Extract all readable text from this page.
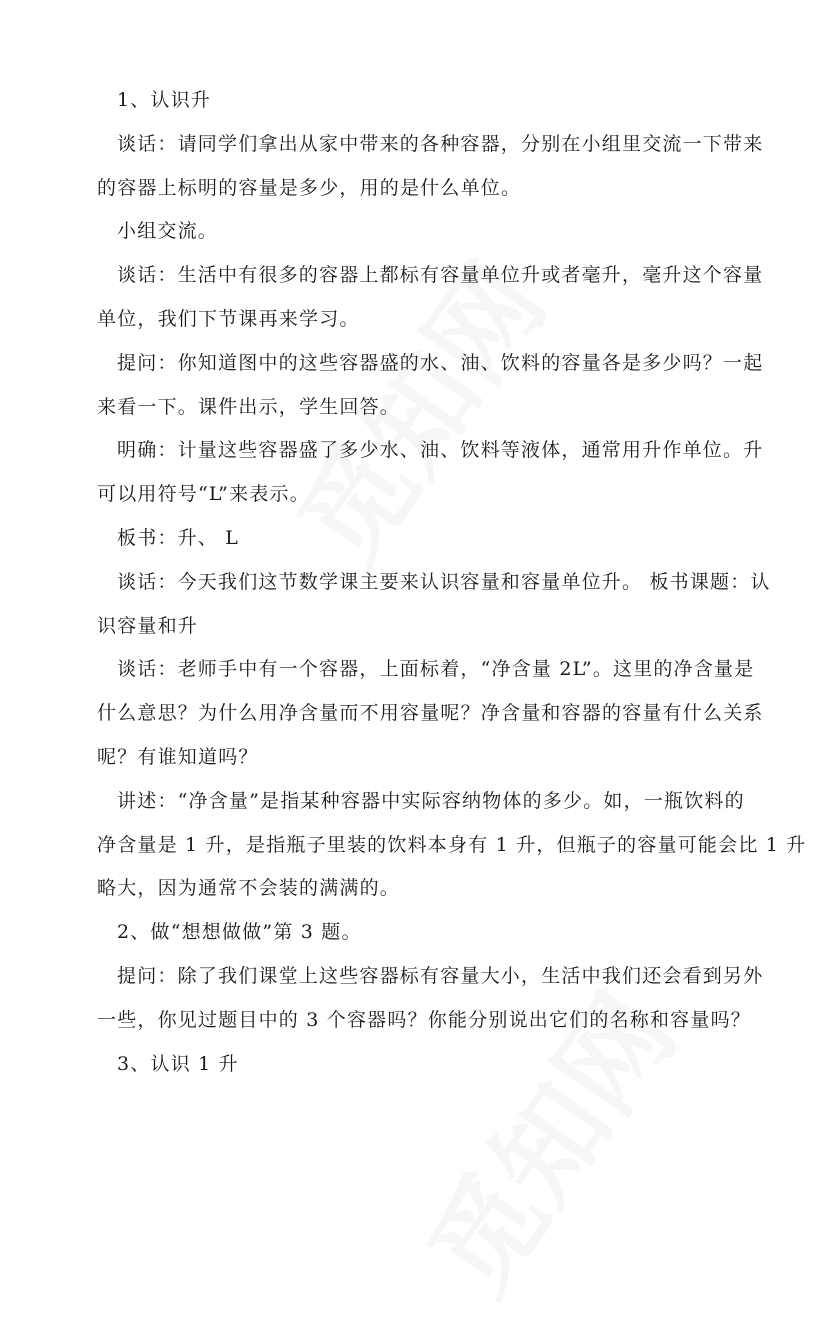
1、认识升
谈话：请同学们拿出从家中带来的各种容器，分别在小组里交流一下带来
的容器上标明的容量是多少，用的是什么单位。
小组交流。
谈话：生活中有很多的容器上都标有容量单位升或者毫升，毫升这个容量
单位，我们下节课再来学习。
提问：你知道图中的这些容器盛的水、油、饮料的容量各是多少吗？一起
来看一下。课件出示，学生回答。
明确：计量这些容器盛了多少水、油、饮料等液体，通常用升作单位。升
可以用符号“L”来表示。
板书：升、 L
谈话：今天我们这节数学课主要来认识容量和容量单位升。 板书课题：认
识容量和升
谈话：老师手中有一个容器，上面标着，“净含量 2L”。这里的净含量是
什么意思？为什么用净含量而不用容量呢？净含量和容器的容量有什么关系
呢？有谁知道吗？
讲述：“净含量”是指某种容器中实际容纳物体的多少。如，一瓶饮料的
净含量是 1 升，是指瓶子里装的饮料本身有 1 升，但瓶子的容量可能会比 1 升
略大，因为通常不会装的满满的。
2、做“想想做做”第 3 题。
提问：除了我们课堂上这些容器标有容量大小，生活中我们还会看到另外
一些，你见过题目中的 3 个容器吗？你能分别说出它们的名称和容量吗？
3、认识 1 升
